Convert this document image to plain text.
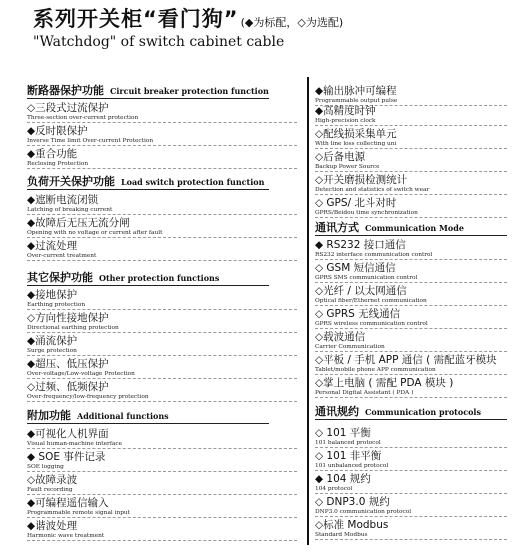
系列开关柜“看门狗” (◆为标配，◇为选配)
"Watchdog" of switch cabinet cable
断路器保护功能 Circuit breaker protection function
◇三段式过流保护

Three-section over-current protection
◆反时限保护

Inverse Time limit Over-current Protection
◆重合功能

Reclosing Protection
负荷开关保护功能 Load switch protection function
◆遮断电流闭锁

Latching of breaking current
◆故障后无压无流分闸

Opening with no voltage or current after fault
◆过流处理

Over-current treatment
其它保护功能 Other protection functions
◆接地保护

Earthing protection
◇方向性接地保护

Directional earthing protection
◆涌流保护

Surge protection
◆超压、低压保护

Over-voltage/Low-voltage Protection
◇过频、低频保护

Over-frequency/low-frequency protection
附加功能 Additional functions
◆可视化人机界面

Visual human-machine interface
◆ SOE 事件记录

SOE logging
◇故障录波

Fault recording
◆可编程遥信输入

Programmable remote signal input
◆谐波处理

Harmonic wave treatment
◆输出脉冲可编程

Programmable output pulse
◆高精度时钟

High-precision clock
◇配线损采集单元

With line loss collecting uni
◇后备电源

Backup Power Source
◇开关磨损检测统计

Detection and statistics of switch wear
◇ GPS/ 北斗对时

GPRS/Beidou time synchronization
通讯方式 Communication Mode
◆ RS232 接口通信

RS232 interface communication control
◇ GSM 短信通信

GPRS SMS communication control
◇光纤 / 以太网通信

Optical fiber/Ethernet communication
◇ GPRS 无线通信

GPRS wireless communication control
◇载波通信

Carrier Communication
◇平板 / 手机 APP 通信 ( 需配蓝牙模块

Tablet/mobile phone APP communication
◇掌上电脑 ( 需配 PDA 模块 )

Personal Digital Assistant ( PDA )
通讯规约 Communication protocols
◇ 101 平衡

101 balanced protocol
◇ 101 非平衡

101 unbalanced protocol
◆ 104 规约

104 protocol
◇ DNP3.0 规约

DNP3.0 communication protocol
◇标准 Modbus

Standard Modbus
